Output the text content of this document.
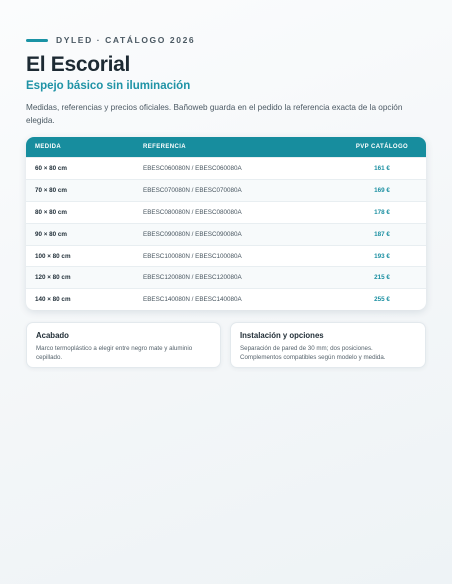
DYLED · CATÁLOGO 2026
El Escorial
Espejo básico sin iluminación

Medidas, referencias y precios oficiales. Bañoweb guarda en el pedido la referencia exacta de la opción elegida.

MEDIDA	REFERENCIA	PVP CATÁLOGO
60 × 80 cm	EBESC060080N / EBESC060080A	161 €
70 × 80 cm	EBESC070080N / EBESC070080A	169 €
80 × 80 cm	EBESC080080N / EBESC080080A	178 €
90 × 80 cm	EBESC090080N / EBESC090080A	187 €
100 × 80 cm	EBESC100080N / EBESC100080A	193 €
120 × 80 cm	EBESC120080N / EBESC120080A	215 €
140 × 80 cm	EBESC140080N / EBESC140080A	255 €
Acabado
Marco termoplástico a elegir entre negro mate y aluminio cepillado.
Instalación y opciones
Separación de pared de 30 mm; dos posiciones. Complementos compatibles según modelo y medida.
